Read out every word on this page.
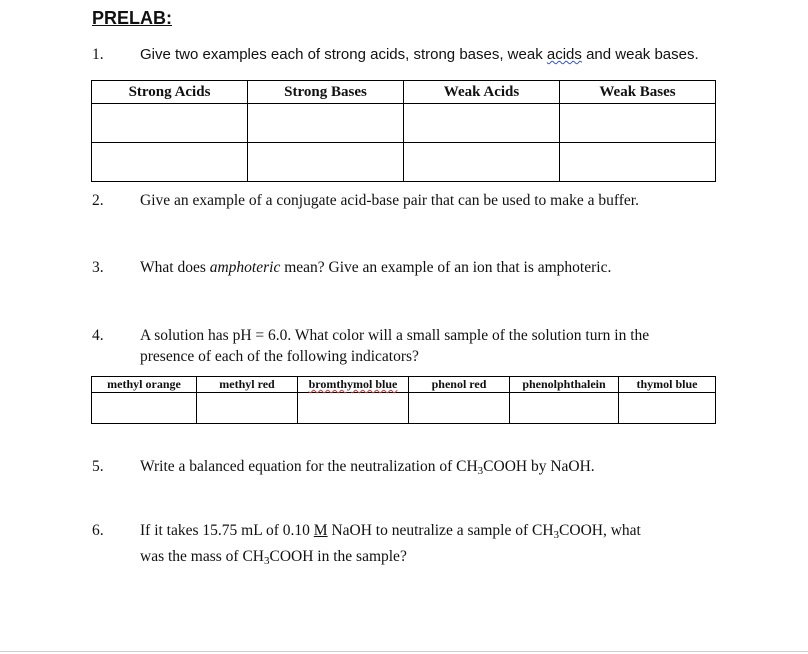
PRELAB:
1.	Give two examples each of strong acids, strong bases, weak acids and weak bases.
Strong Acids	Strong Bases	Weak Acids	Weak Bases

2.	Give an example of a conjugate acid-base pair that can be used to make a buffer.
3.	What does amphoteric mean? Give an example of an ion that is amphoteric.
4.	A solution has pH = 6.0. What color will a small sample of the solution turn in the
presence of each of the following indicators?
methyl orange	methyl red	bromthymol blue	phenol red	phenolphthalein	thymol blue

5.	Write a balanced equation for the neutralization of $CH_3COOH$ by NaOH.
6.	If it takes 15.75 mL of 0.10 M NaOH to neutralize a sample of $CH_3COOH$, what
was the mass of $CH_3COOH$ in the sample?
